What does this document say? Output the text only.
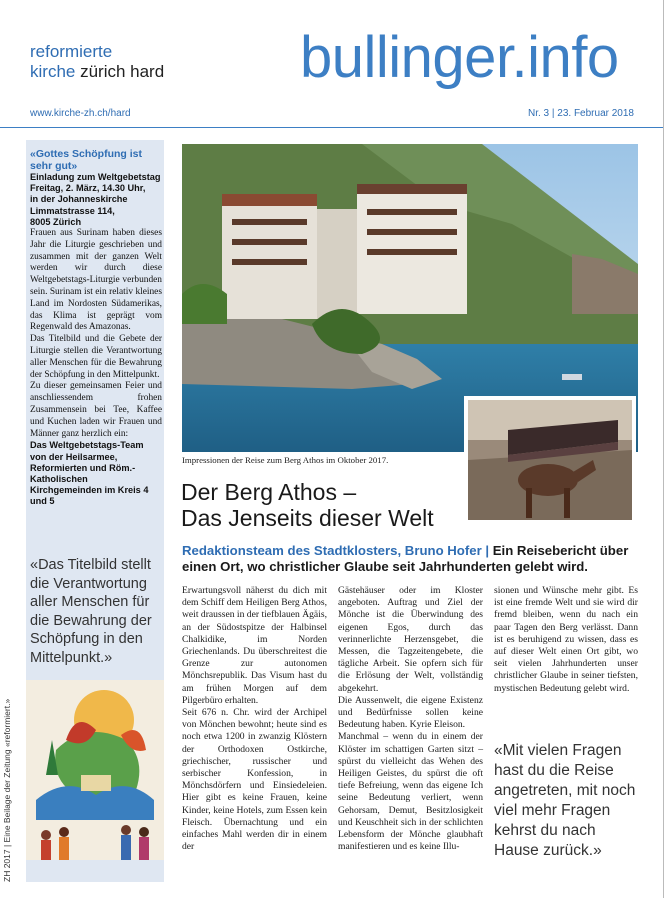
reformierte
kirche zürich hard bullinger.info
www.kirche-zh.ch/hard	Nr. 3 | 23. Februar 2018

«Gottes Schöpfung ist sehr gut»

Einladung zum Weltgebetstag

Freitag, 2. März, 14.30 Uhr,

in der Johanneskirche

Limmatstrasse 114,

8005 Zürich

Frauen aus Surinam haben dieses Jahr die Liturgie geschrieben und zusammen mit der ganzen Welt werden wir durch diese Weltgebetstags-Liturgie verbunden sein. Surinam ist ein relativ kleines Land im Nordosten Südamerikas, das Klima ist geprägt vom Regenwald des Amazonas.

Das Titelbild und die Gebete der Liturgie stellen die Verantwortung aller Menschen für die Bewahrung der Schöpfung in den Mittelpunkt.

Zu dieser gemeinsamen Feier und anschliessendem frohen Zusammensein bei Tee, Kaffee und Kuchen laden wir Frauen und Männer ganz herzlich ein:

Das Weltgebetstags-Team von der Heilsarmee, Reformierten und Röm.-Katholischen Kirchgemeinden im Kreis 4 und 5

«Das Titelbild stellt die Verantwortung aller Menschen für die Bewahrung der Schöpfung in den Mittelpunkt.»
ZH 2017 | Eine Beilage der Zeitung «reformiert.»
Impressionen der Reise zum Berg Athos im Oktober 2017.
Der Berg Athos –
Das Jenseits dieser Welt
Redaktionsteam des Stadtklosters, Bruno Hofer | Ein Reisebericht über einen Ort, wo christlicher Glaube seit Jahrhunderten gelebt wird.

Erwartungsvoll näherst du dich mit dem Schiff dem Heiligen Berg Athos, weit draussen in der tiefblauen Ägäis, an der Südostspitze der Halbinsel Chalkidike, im Norden Griechenlands. Du überschreitest die Grenze zur autonomen Mönchsrepublik. Das Visum hast du am frühen Morgen auf dem Pilgerbüro erhalten.

Seit 676 n. Chr. wird der Archipel von Mönchen bewohnt; heute sind es noch etwa 1200 in zwanzig Klöstern der Orthodoxen Ostkirche, griechischer, russischer und serbischer Konfession, in Mönchsdörfern und Einsiedeleien. Hier gibt es keine Frauen, keine Kinder, keine Hotels, zum Essen kein Fleisch. Übernachtung und ein einfaches Mahl werden dir in einem der

Gästehäuser oder im Kloster angeboten. Auftrag und Ziel der Mönche ist die Überwindung des eigenen Egos, durch das verinnerlichte Herzensgebet, die Messen, die Tagzeitengebete, die tägliche Arbeit. Sie opfern sich für die Erlösung der Welt, vollständig abgekehrt.

Die Aussenwelt, die eigene Existenz und Bedürfnisse sollen keine Bedeutung haben. Kyrie Eleison.

Manchmal – wenn du in einem der Klöster im schattigen Garten sitzt – spürst du vielleicht das Wehen des Heiligen Geistes, du spürst die oft tiefe Befreiung, wenn das eigene Ich seine Bedeutung verliert, wenn Gehorsam, Demut, Besitzlosigkeit und Keuschheit sich in der schlichten Lebensform der Mönche glaubhaft manifestieren und es keine Illu-

sionen und Wünsche mehr gibt. Es ist eine fremde Welt und sie wird dir fremd bleiben, wenn du nach ein paar Tagen den Berg verlässt. Dann ist es beruhigend zu wissen, dass es auf dieser Welt einen Ort gibt, wo seit vielen Jahrhunderten unser christlicher Glaube in seiner tiefsten, mystischen Bedeutung gelebt wird.

«Mit vielen Fragen hast du die Reise angetreten, mit noch viel mehr Fragen kehrst du nach Hause zurück.»
